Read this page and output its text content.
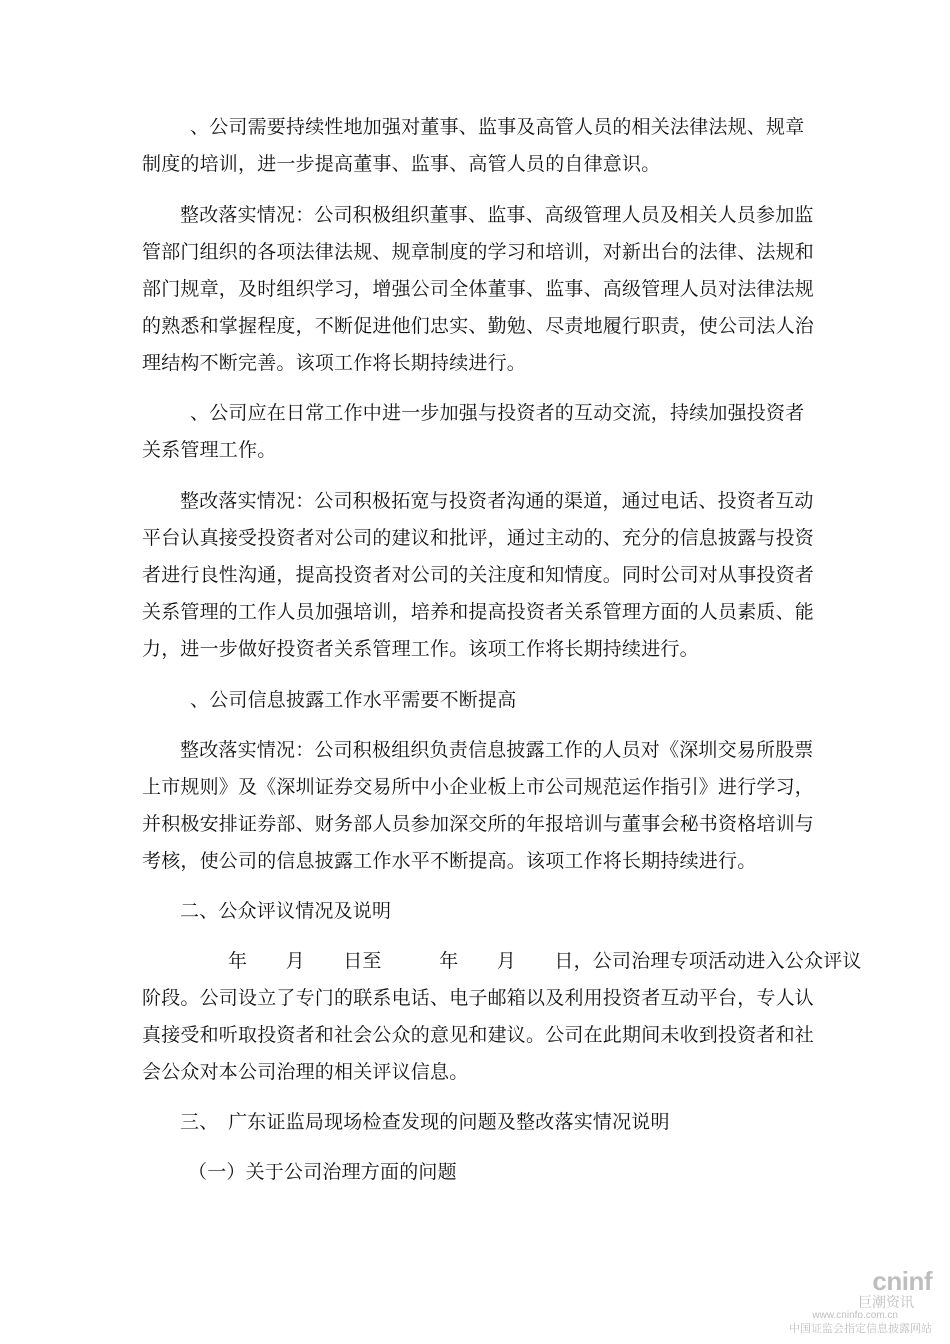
、公司需要持续性地加强对董事、监事及高管人员的相关法律法规、规章
制度的培训，进一步提高董事、监事、高管人员的自律意识。
整改落实情况：公司积极组织董事、监事、高级管理人员及相关人员参加监
管部门组织的各项法律法规、规章制度的学习和培训，对新出台的法律、法规和
部门规章，及时组织学习，增强公司全体董事、监事、高级管理人员对法律法规
的熟悉和掌握程度，不断促进他们忠实、勤勉、尽责地履行职责，使公司法人治
理结构不断完善。该项工作将长期持续进行。
、公司应在日常工作中进一步加强与投资者的互动交流，持续加强投资者
关系管理工作。
整改落实情况：公司积极拓宽与投资者沟通的渠道，通过电话、投资者互动
平台认真接受投资者对公司的建议和批评，通过主动的、充分的信息披露与投资
者进行良性沟通，提高投资者对公司的关注度和知情度。同时公司对从事投资者
关系管理的工作人员加强培训，培养和提高投资者关系管理方面的人员素质、能
力，进一步做好投资者关系管理工作。该项工作将长期持续进行。
、公司信息披露工作水平需要不断提高
整改落实情况：公司积极组织负责信息披露工作的人员对《深圳交易所股票
上市规则》及《深圳证券交易所中小企业板上市公司规范运作指引》进行学习，
并积极安排证券部、财务部人员参加深交所的年报培训与董事会秘书资格培训与
考核，使公司的信息披露工作水平不断提高。该项工作将长期持续进行。
二、公众评议情况及说明
年　　月　　日至　　　年　　月　　日，公司治理专项活动进入公众评议
阶段。公司设立了专门的联系电话、电子邮箱以及利用投资者互动平台，专人认
真接受和听取投资者和社会公众的意见和建议。公司在此期间未收到投资者和社
会公众对本公司治理的相关评议信息。
三、　广东证监局现场检查发现的问题及整改落实情况说明
（一）关于公司治理方面的问题
cninf
巨潮资讯
www.cninfo.com.cn
中国证监会指定信息披露网站
